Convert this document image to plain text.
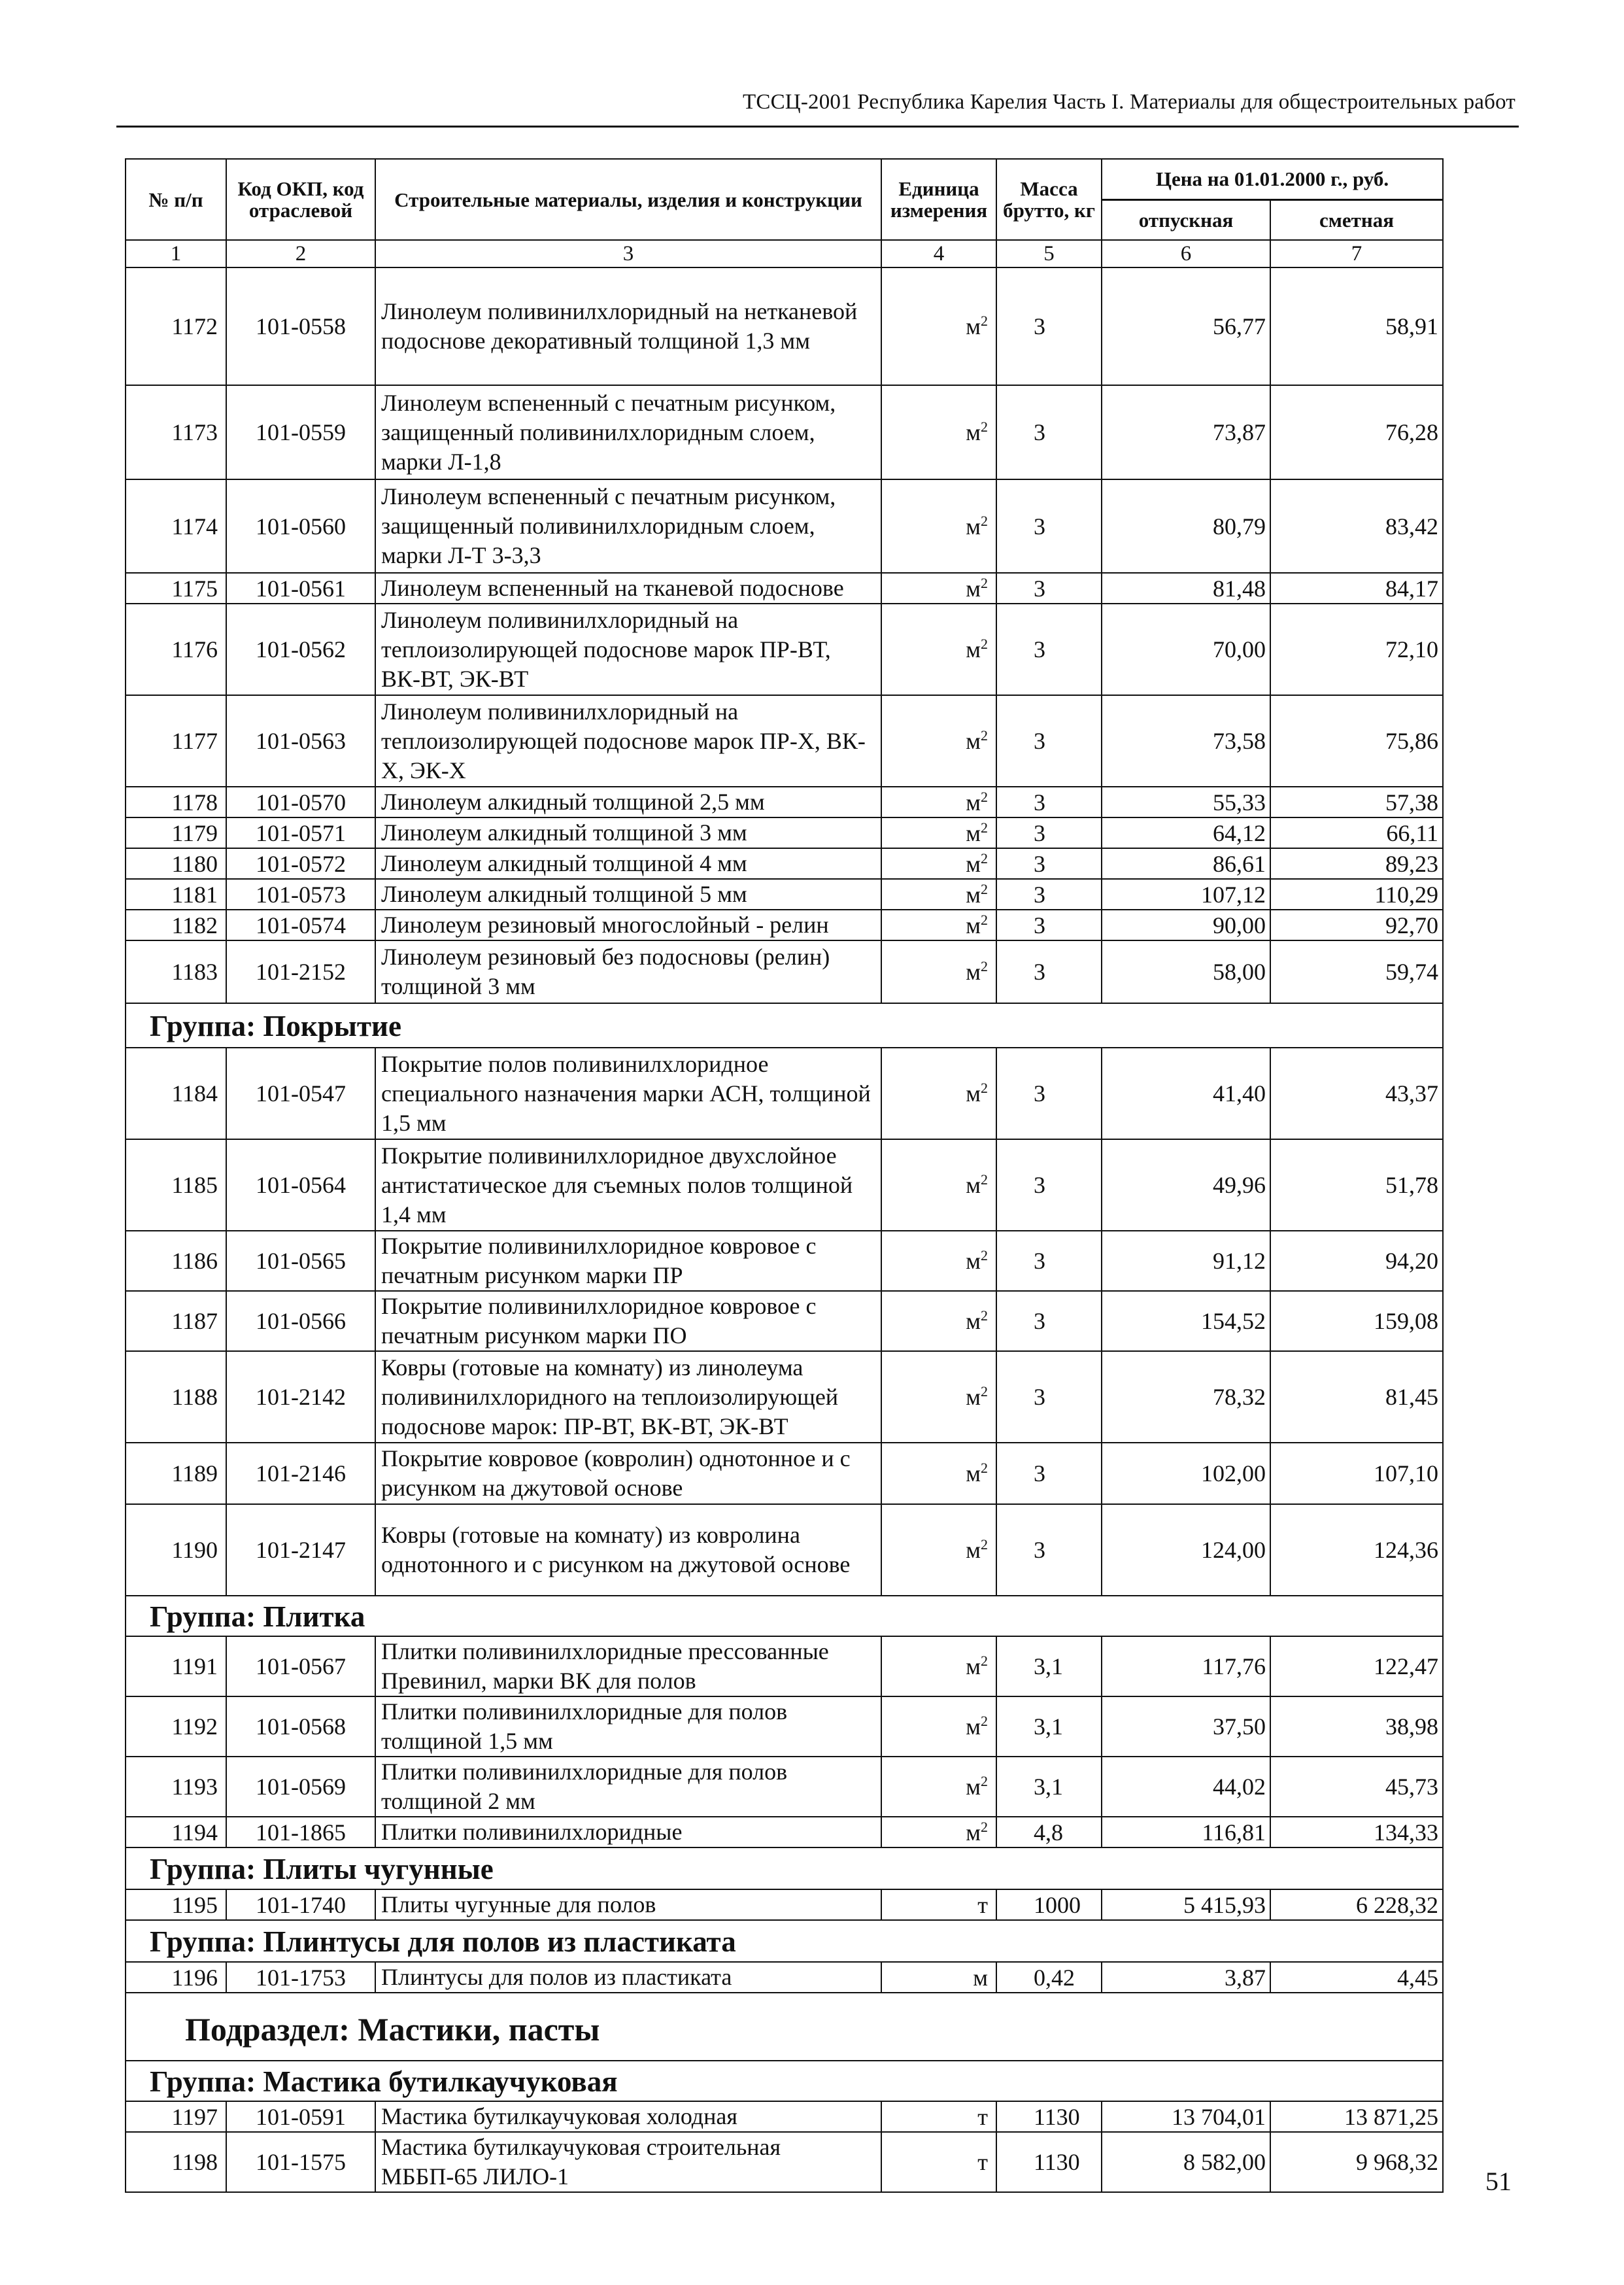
ТССЦ-2001 Республика Карелия Часть I. Материалы для общестроительных работ
№ п/п	Код ОКП, код отраслевой	Строительные материалы, изделия и конструкции	Единица измерения	Масса брутто, кг	Цена на 01.01.2000 г., руб.	
					отпускная	сметная
1	2	3	4	5	6	7
1172	101-0558	Линолеум поливинилхлоридный на нетканевой подоснове декоративный толщиной 1,3 мм	$м^2$	3	56,77	58,91
1173	101-0559	Линолеум вспененный с печатным рисунком, защищенный поливинилхлоридным слоем, марки Л-1,8	$м^2$	3	73,87	76,28
1174	101-0560	Линолеум вспененный с печатным рисунком, защищенный поливинилхлоридным слоем, марки Л-Т 3-3,3	$м^2$	3	80,79	83,42
1175	101-0561	Линолеум вспененный на тканевой подоснове	$м^2$	3	81,48	84,17
1176	101-0562	Линолеум поливинилхлоридный на теплоизолирующей подоснове марок ПР-ВТ, ВК-ВТ, ЭК-ВТ	$м^2$	3	70,00	72,10
1177	101-0563	Линолеум поливинилхлоридный на теплоизолирующей подоснове марок ПР-Х, ВК-Х, ЭК-Х	$м^2$	3	73,58	75,86
1178	101-0570	Линолеум алкидный толщиной 2,5 мм	$м^2$	3	55,33	57,38
1179	101-0571	Линолеум алкидный толщиной 3 мм	$м^2$	3	64,12	66,11
1180	101-0572	Линолеум алкидный толщиной 4 мм	$м^2$	3	86,61	89,23
1181	101-0573	Линолеум алкидный толщиной 5 мм	$м^2$	3	107,12	110,29
1182	101-0574	Линолеум резиновый многослойный - релин	$м^2$	3	90,00	92,70
1183	101-2152	Линолеум резиновый без подосновы (релин) толщиной 3 мм	$м^2$	3	58,00	59,74
Группа: Покрытие						
1184	101-0547	Покрытие полов поливинилхлоридное специального назначения марки АСН, толщиной 1,5 мм	$м^2$	3	41,40	43,37
1185	101-0564	Покрытие поливинилхлоридное двухслойное антистатическое для съемных полов толщиной 1,4 мм	$м^2$	3	49,96	51,78
1186	101-0565	Покрытие поливинилхлоридное ковровое с печатным рисунком марки ПР	$м^2$	3	91,12	94,20
1187	101-0566	Покрытие поливинилхлоридное ковровое с печатным рисунком марки ПО	$м^2$	3	154,52	159,08
1188	101-2142	Ковры (готовые на комнату) из линолеума поливинилхлоридного на теплоизолирующей подоснове марок: ПР-ВТ, ВК-ВТ, ЭК-ВТ	$м^2$	3	78,32	81,45
1189	101-2146	Покрытие ковровое (ковролин) однотонное и с рисунком на джутовой основе	$м^2$	3	102,00	107,10
1190	101-2147	Ковры (готовые на комнату) из ковролина однотонного и с рисунком на джутовой основе	$м^2$	3	124,00	124,36
Группа: Плитка						
1191	101-0567	Плитки поливинилхлоридные прессованные Превинил, марки ВК для полов	$м^2$	3,1	117,76	122,47
1192	101-0568	Плитки поливинилхлоридные для полов толщиной 1,5 мм	$м^2$	3,1	37,50	38,98
1193	101-0569	Плитки поливинилхлоридные для полов толщиной 2 мм	$м^2$	3,1	44,02	45,73
1194	101-1865	Плитки поливинилхлоридные	$м^2$	4,8	116,81	134,33
Группа: Плиты чугунные						
1195	101-1740	Плиты чугунные для полов	т	1000	5 415,93	6 228,32
Группа: Плинтусы для полов из пластиката						
1196	101-1753	Плинтусы для полов из пластиката	м	0,42	3,87	4,45
Подраздел: Мастики, пасты						
Группа: Мастика бутилкаучуковая						
1197	101-0591	Мастика бутилкаучуковая холодная	т	1130	13 704,01	13 871,25
1198	101-1575	Мастика бутилкаучуковая строительная МББП-65 ЛИЛО-1	т	1130	8 582,00	9 968,32
51
